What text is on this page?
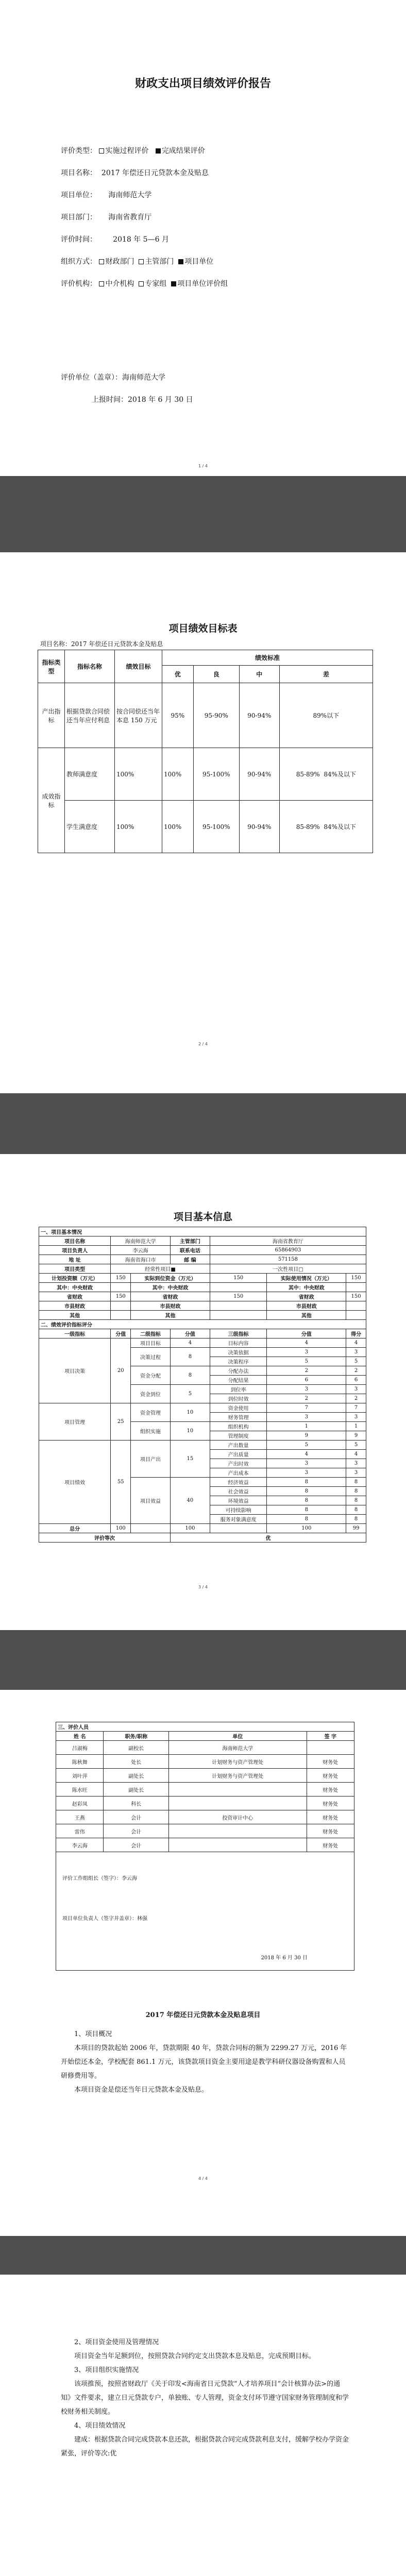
财政支出项目绩效评价报告
评价类型： 实施过程评价 完成结果评价
项目名称： 2017 年偿还日元贷款本金及贴息
项目单位： 海南师范大学
项目部门： 海南省教育厅
评价时间： 2018 年 5—6 月
组织方式： 财政部门 主管部门 项目单位
评价机构： 中介机构 专家组 项目单位评价组
评价单位（盖章）：海南师范大学
上报时间：2018 年 6 月 30 日
1 / 4
项目绩效目标表
项目名称：2017 年偿还日元贷款本金及贴息
指标类型	指标名称	绩效目标	绩效标准			
			优	良	中	差
产出指标	根据贷款合同偿还当年应付利息	按合同偿还当年本息 150 万元	95%	95-90%	90-94%	89%以下
成效指标	教师满意度	100%	100%	95-100%	90-94%	85-89% 84%及以下
	学生满意度	100%	100%	95-100%	90-94%	85-89% 84%及以下
2 / 4
项目基本信息
一、项目基本情况						
项目名称	海南师范大学		主管部门	海南省教育厅		
项目负责人	李云海		联系电话	65864903		
地 址	海南省海口市		邮 编	571158		
项目类型	经常性项目■			一次性项目□		
计划投资额（万元）	150	实际到位资金（万元）		150	实际使用情况（万元）	150
其中：中央财政		其中：中央财政			其中：中央财政	
省财政	150	省财政		150	省财政	150
市县财政		市县财政			市县财政	
其他		其他			其他	
二、绩效评价指标评分						
一级指标	分值	二级指标	分值	三级指标	分值	得分
项目决策	20	项目目标	4	目标内容	4	4
		决策过程	8	决策依据	3	3
				决策程序	5	5
		资金分配	8	分配办法	2	2
				分配结果	6	6
		资金到位	5	到位率	3	3
				到位时效	2	2
项目管理	25	资金管理	10	资金使用	7	7
				财务管理	3	3
		组织实施	10	组织机构	1	1
				管理制度	9	9
项目绩效	55	项目产出	15	产出数量	5	5
				产出质量	4	4
				产出时效	3	3
				产出成本	3	3
		项目效益	40	经济效益	8	8
				社会效益	8	8
				环境效益	8	8
				可持续影响	8	8
				服务对象满意度	8	8
总分	100		100		100	99
评价等次			优			
3 / 4
三、评价人员			
姓 名	职务/职称	单位	签 字
吕淑梅	副校长	海南师范大学	
陈秋舞	处长	计划财务与资产管理处	财务处
刘叶萍	副处长	计划财务与资产管理处	财务处
陈水旺	副处长		财务处
赵彩凤	科长		财务处
王燕	会计	投资审计中心	财务处
雷伟	会计		财务处
李云海	会计		财务处

评价工作组组长（签字）：李云海
项目单位负责人（签字并盖章）：林强
2018 年 6 月 30 日			
2017 年偿还日元贷款本金及贴息项目

1、项目概况

本项目的贷款起始 2006 年，贷款期限 40 年，贷款合同标的额为 2299.27 万元，2016 年开始偿还本金，学校配套 861.1 万元，该贷款项目资金主要用途是教学科研仪器设备购置和人员研修费用等。

本项目资金是偿还当年日元贷款本金及贴息。

4 / 4

2、项目资金使用及管理情况

项目资金当年足额到位，按照贷款合同约定支出贷款本息及贴息，完成预期目标。

3、项目组织实施情况

该项推预，按照省财政厅《关于印发<海南省日元贷款“人才培养项目”会计核算办法>的通知》文件要求，建立日元贷款专户，单独账、专人管理，资金支付环节遵守国家财务管理制度和学校财务相关制度。

4、项目绩效情况

建成：根据贷款合同完成贷款本息还款，根据贷款合同完成贷款利息支付，缓解学校办学资金紧张，评价等次:优
